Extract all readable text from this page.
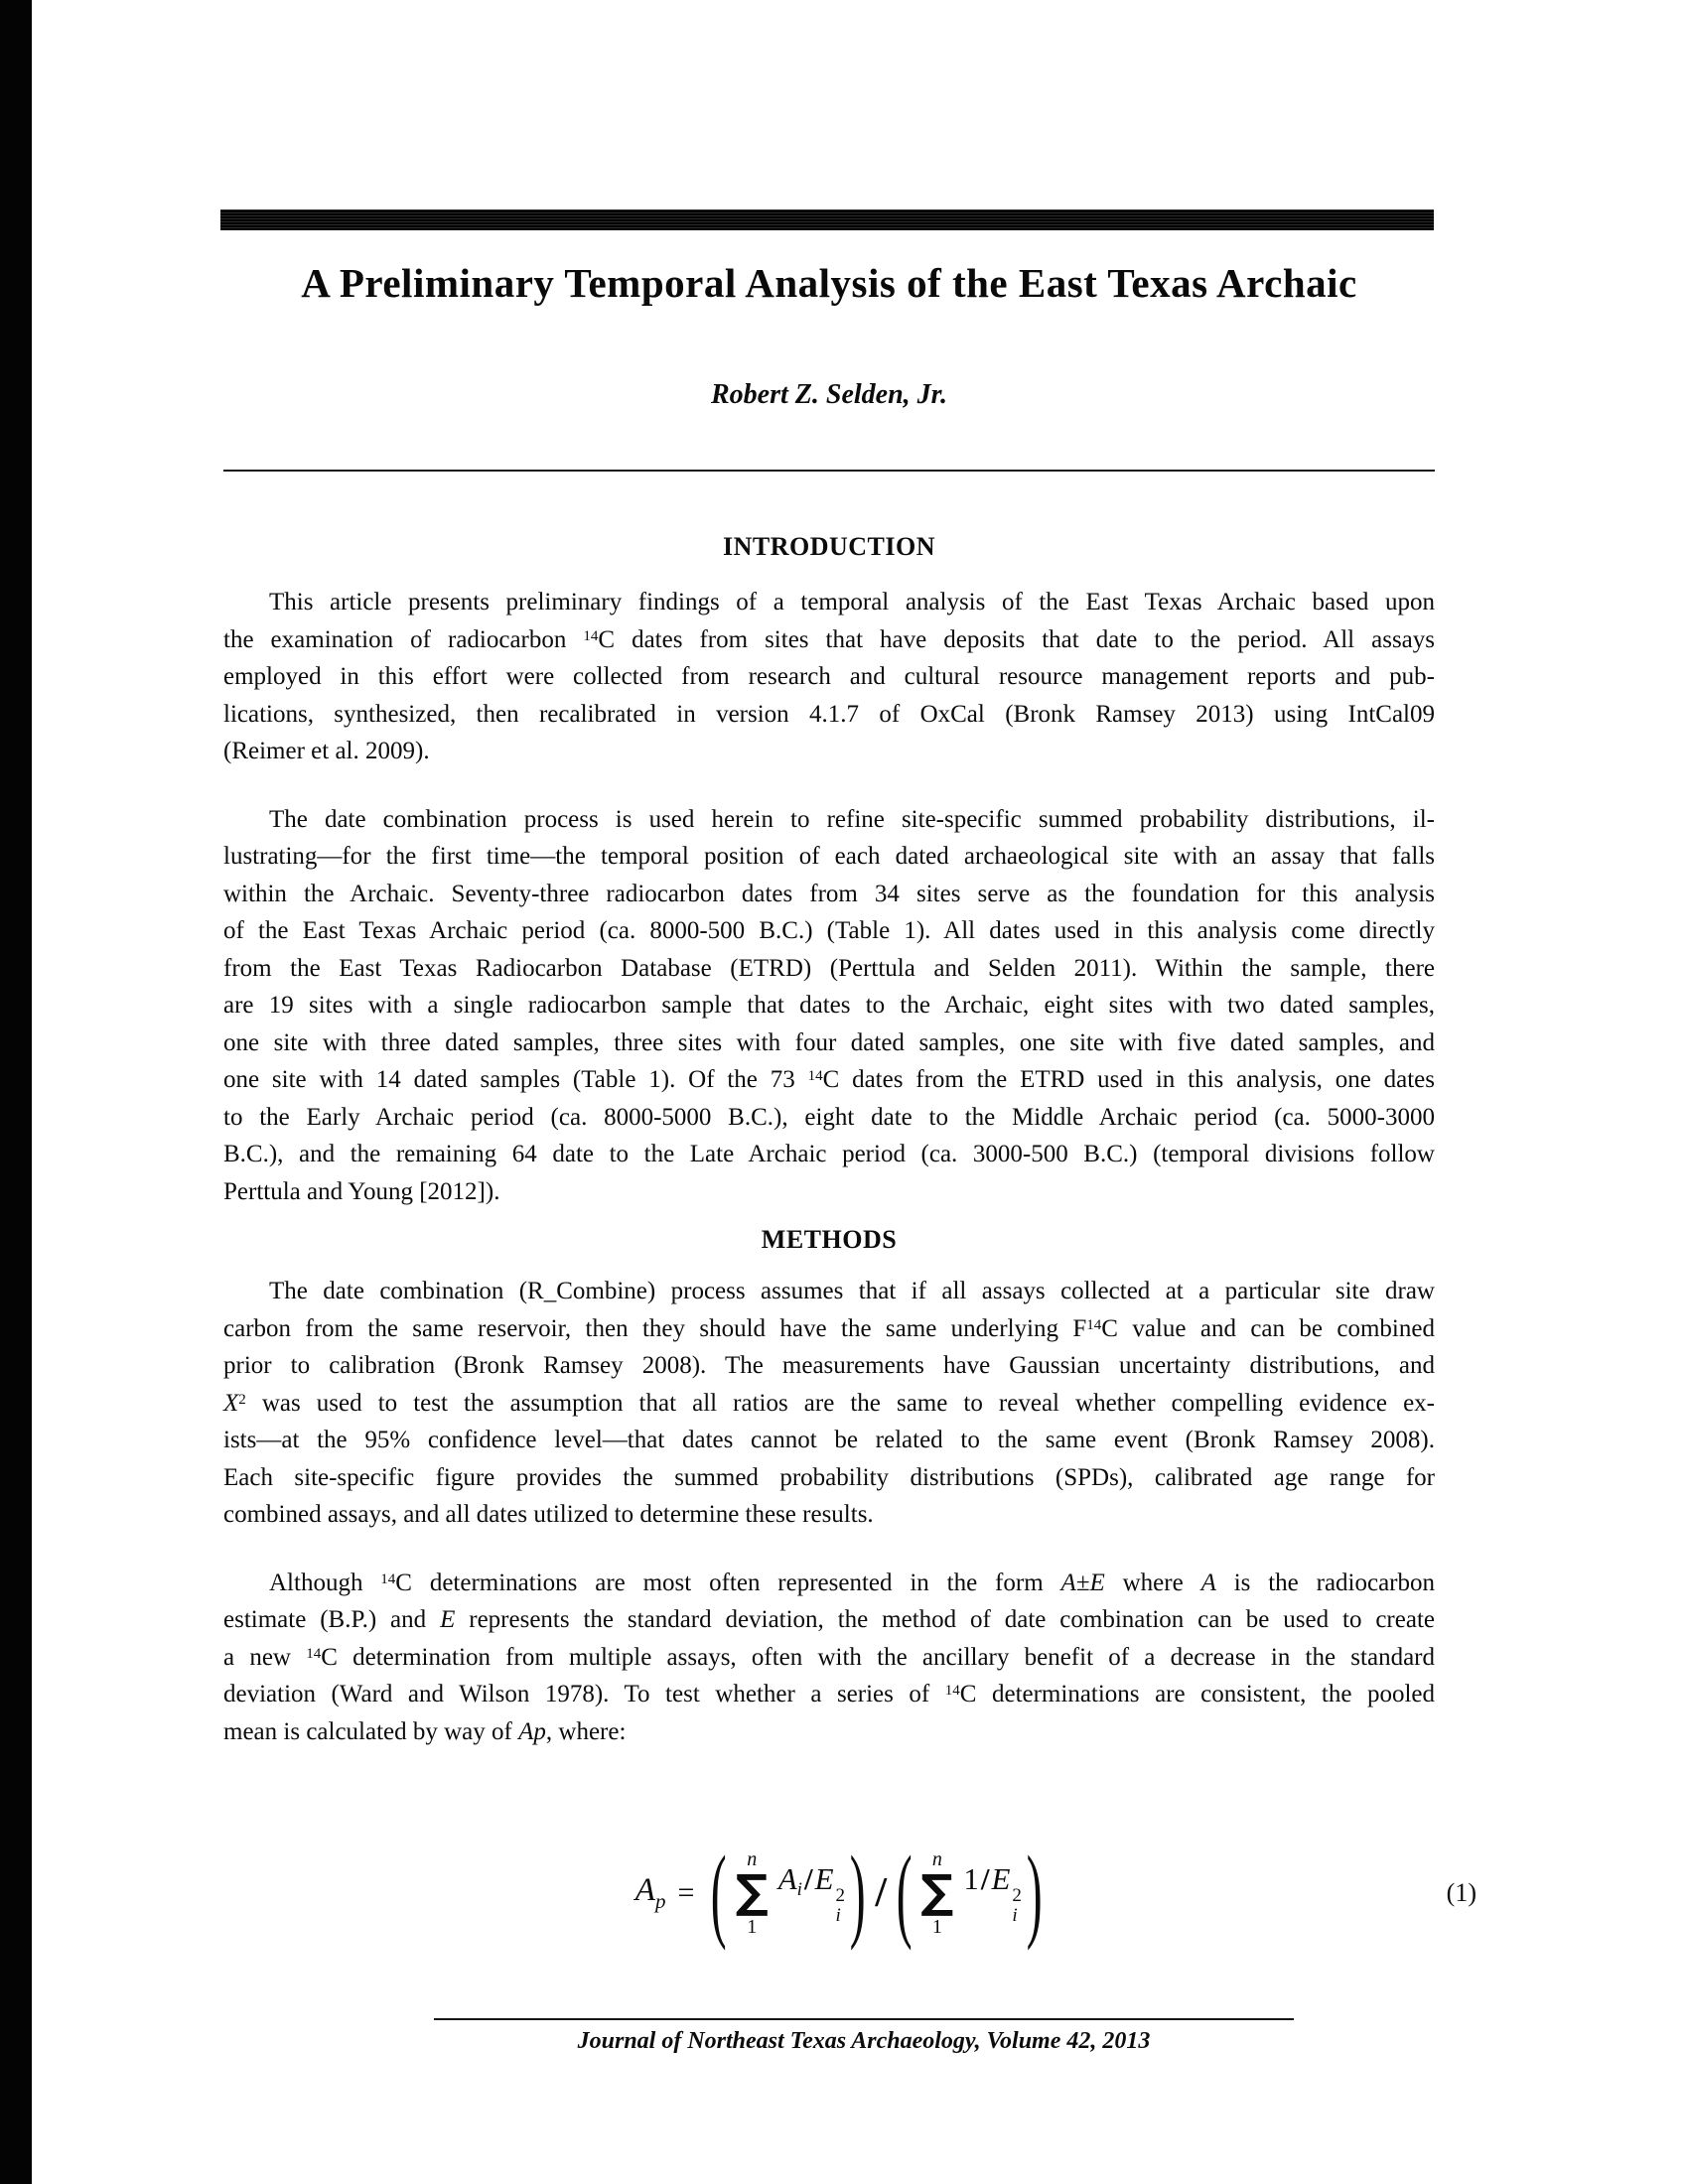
A Preliminary Temporal Analysis of the East Texas Archaic
Robert Z. Selden, Jr.
INTRODUCTION
This article presents preliminary findings of a temporal analysis of the East Texas Archaic based upon
the examination of radiocarbon $^{14}$C dates from sites that have deposits that date to the period. All assays
employed in this effort were collected from research and cultural resource management reports and pub-
lications, synthesized, then recalibrated in version 4.1.7 of OxCal (Bronk Ramsey 2013) using IntCal09
(Reimer et al. 2009).
The date combination process is used herein to refine site-specific summed probability distributions, il-
lustrating—for the first time—the temporal position of each dated archaeological site with an assay that falls
within the Archaic. Seventy-three radiocarbon dates from 34 sites serve as the foundation for this analysis
of the East Texas Archaic period (ca. 8000-500 B.C.) (Table 1). All dates used in this analysis come directly
from the East Texas Radiocarbon Database (ETRD) (Perttula and Selden 2011). Within the sample, there
are 19 sites with a single radiocarbon sample that dates to the Archaic, eight sites with two dated samples,
one site with three dated samples, three sites with four dated samples, one site with five dated samples, and
one site with 14 dated samples (Table 1). Of the 73 $^{14}$C dates from the ETRD used in this analysis, one dates
to the Early Archaic period (ca. 8000-5000 B.C.), eight date to the Middle Archaic period (ca. 5000-3000
B.C.), and the remaining 64 date to the Late Archaic period (ca. 3000-500 B.C.) (temporal divisions follow
Perttula and Young [2012]).
METHODS
The date combination (R_Combine) process assumes that if all assays collected at a particular site draw
carbon from the same reservoir, then they should have the same underlying $F^{14}C$ value and can be combined
prior to calibration (Bronk Ramsey 2008). The measurements have Gaussian uncertainty distributions, and
$X^2$ was used to test the assumption that all ratios are the same to reveal whether compelling evidence ex-
ists—at the 95% confidence level—that dates cannot be related to the same event (Bronk Ramsey 2008).
Each site-specific figure provides the summed probability distributions (SPDs), calibrated age range for
combined assays, and all dates utilized to determine these results.
Although $^{14}$C determinations are most often represented in the form A±E where A is the radiocarbon
estimate (B.P.) and E represents the standard deviation, the method of date combination can be used to create
a new $^{14}$C determination from multiple assays, often with the ancillary benefit of a decrease in the standard
deviation (Ward and Wilson 1978). To test whether a series of $^{14}$C determinations are consistent, the pooled
mean is calculated by way of Ap, where:
$A_p$ = ( n
∑
1
$A_i/E$ 2
i ) / ( n
∑
1
1/E 2
i )	(1)
Journal of Northeast Texas Archaeology, Volume 42, 2013
